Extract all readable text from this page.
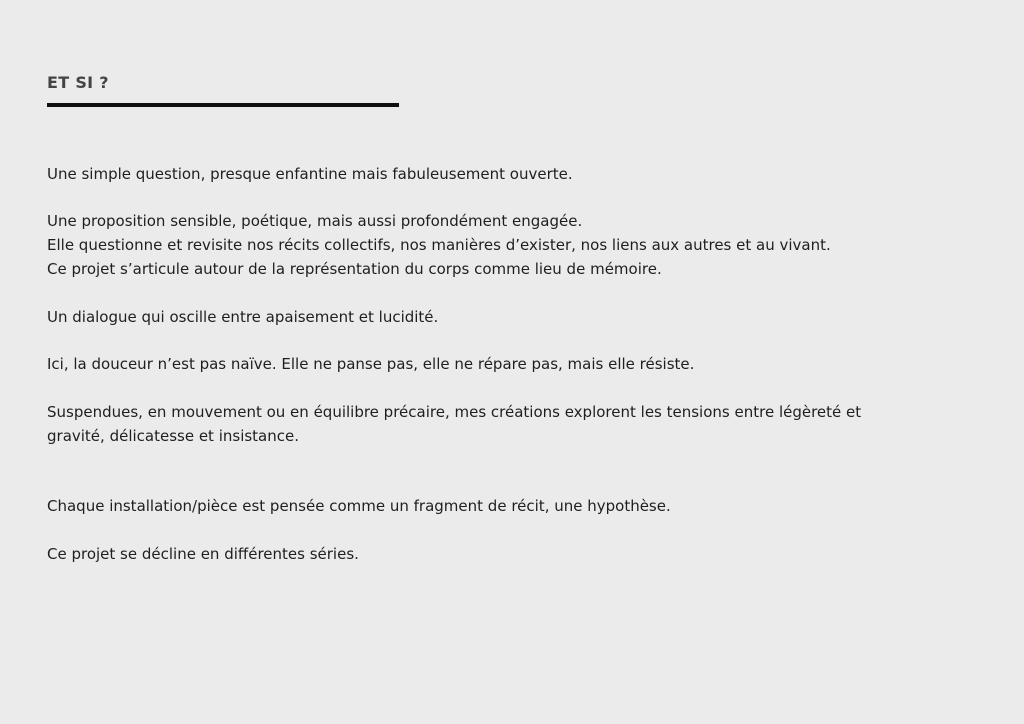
ET SI ?

Une simple question, presque enfantine mais fabuleusement ouverte.

Une proposition sensible, poétique, mais aussi profondément engagée.

Elle questionne et revisite nos récits collectifs, nos manières d’exister, nos liens aux autres et au vivant.

Ce projet s’articule autour de la représentation du corps comme lieu de mémoire.

Un dialogue qui oscille entre apaisement et lucidité.

Ici, la douceur n’est pas naïve. Elle ne panse pas, elle ne répare pas, mais elle résiste.

Suspendues, en mouvement ou en équilibre précaire, mes créations explorent les tensions entre légèreté et

gravité, délicatesse et insistance.

Chaque installation/pièce est pensée comme un fragment de récit, une hypothèse.

Ce projet se décline en différentes séries.
